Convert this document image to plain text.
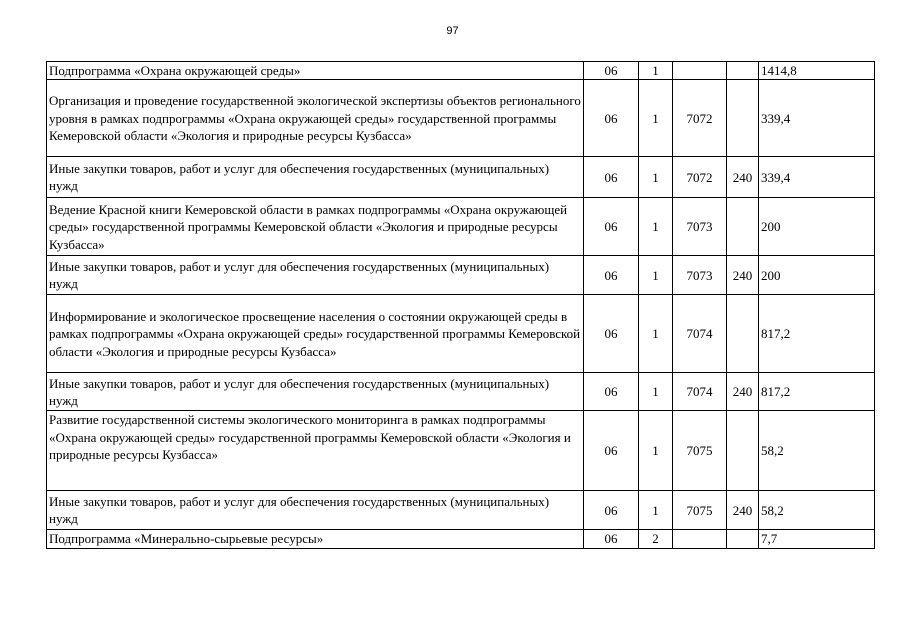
97
Подпрограмма «Охрана окружающей среды»	06	1			1414,8
Организация и проведение государственной экологической экспертизы объектов регионального уровня в рамках подпрограммы «Охрана окружающей среды» государственной программы Кемеровской области «Экология и природные ресурсы Кузбасса»	06	1	7072		339,4
Иные закупки товаров, работ и услуг для обеспечения государственных (муниципальных) нужд	06	1	7072	240	339,4
Ведение Красной книги Кемеровской области в рамках подпрограммы «Охрана окружающей среды» государственной программы Кемеровской области «Экология и природные ресурсы Кузбасса»	06	1	7073		200
Иные закупки товаров, работ и услуг для обеспечения государственных (муниципальных) нужд	06	1	7073	240	200
Информирование и экологическое просвещение населения о состоянии окружающей среды в рамках подпрограммы «Охрана окружающей среды» государственной программы Кемеровской области «Экология и природные ресурсы Кузбасса»	06	1	7074		817,2
Иные закупки товаров, работ и услуг для обеспечения государственных (муниципальных) нужд	06	1	7074	240	817,2
Развитие государственной системы экологического мониторинга в рамках подпрограммы «Охрана окружающей среды» государственной программы Кемеровской области «Экология и природные ресурсы Кузбасса»	06	1	7075		58,2
Иные закупки товаров, работ и услуг для обеспечения государственных (муниципальных) нужд	06	1	7075	240	58,2
Подпрограмма «Минерально-сырьевые ресурсы»	06	2			7,7
